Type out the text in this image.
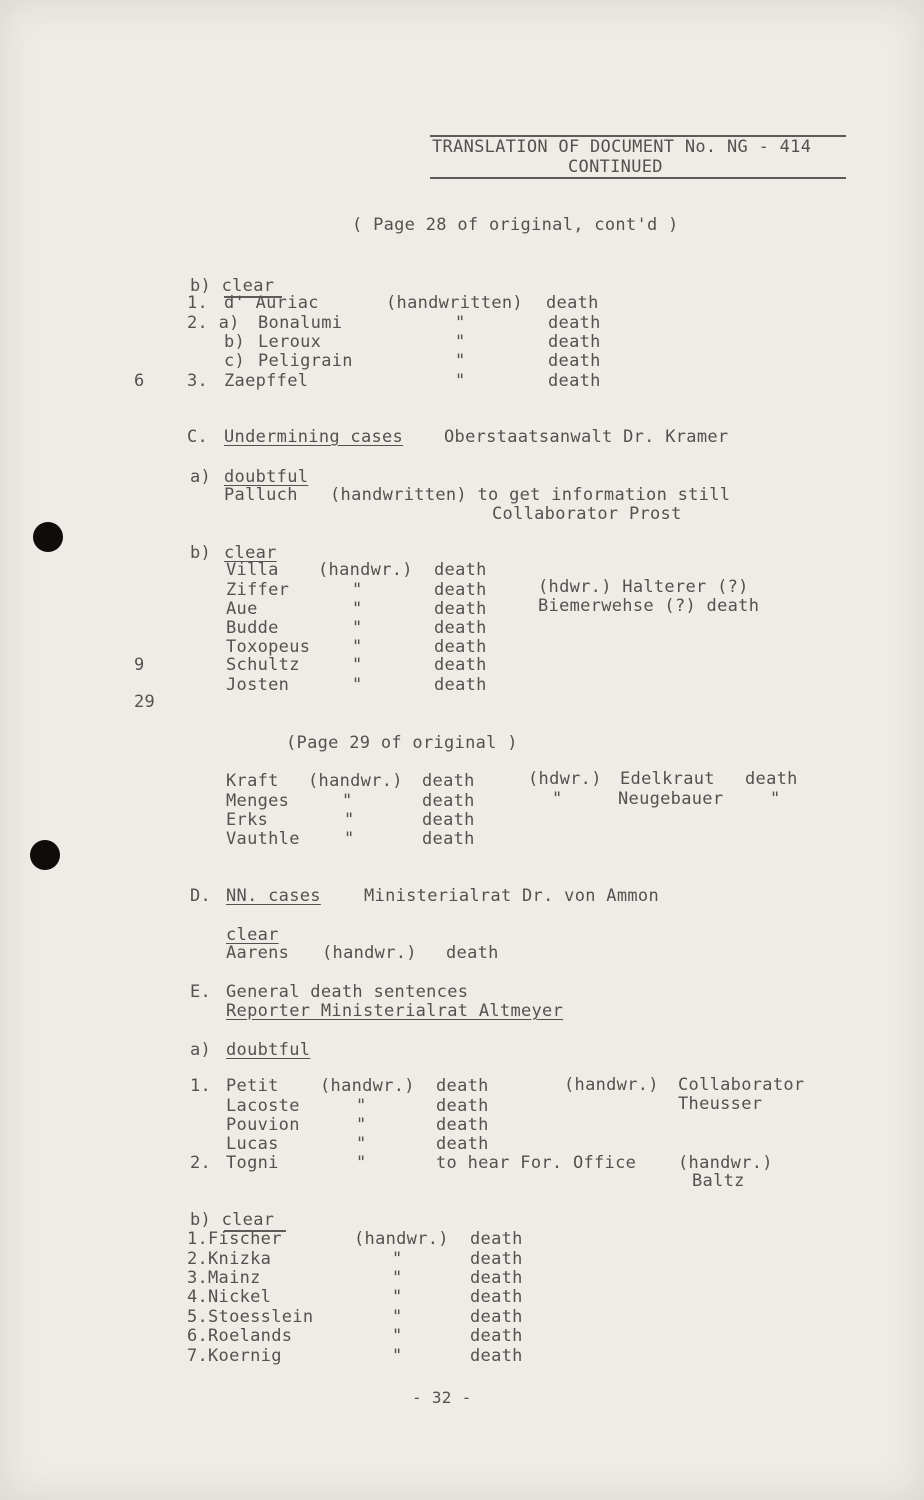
TRANSLATION OF DOCUMENT No. NG - 414
CONTINUED
( Page 28 of original, cont'd )
b) clear
1. d' Auriac	(handwritten) death
2. a) Bonalumi	"	death
b) Leroux	"	death
c) Peligrain	"	death
6 3. Zaepffel	"	death
C. Undermining cases Oberstaatsanwalt Dr. Kramer
a) doubtful
Palluch (handwritten) to get information still
Collaborator Prost
b) clear
Villa (handwr.) death
Ziffer	"	death	(hdwr.) Halterer (?)
Aue	"	death	Biemerwehse (?) death
Budde	"	death
Toxopeus "	death
9	Schultz	"	death
Josten	"	death
29
(Page 29 of original )
Kraft (handwr.) death	(hdwr.) Edelkraut death
Menges	"	death	"	Neugebauer	"
Erks	"	death
Vauthle	"	death
D. NN. cases	Ministerialrat Dr. von Ammon
clear
Aarens (handwr.) death
E. General death sentences
Reporter Ministerialrat Altmeyer
a) doubtful
1. Petit (handwr.) death	(handwr.) Collaborator
Theusser
Lacoste	"	death
Pouvion	"	death
Lucas	"	death
2. Togni	"	to hear For. Office (handwr.)
Baltz
b) clear
1. Fischer	(handwr.) death
2. Knizka	"	death
3. Mainz	"	death
4. Nickel	"	death
5. Stoesslein	"	death
6. Roelands	"	death
7. Koernig	"	death
- 32 -
